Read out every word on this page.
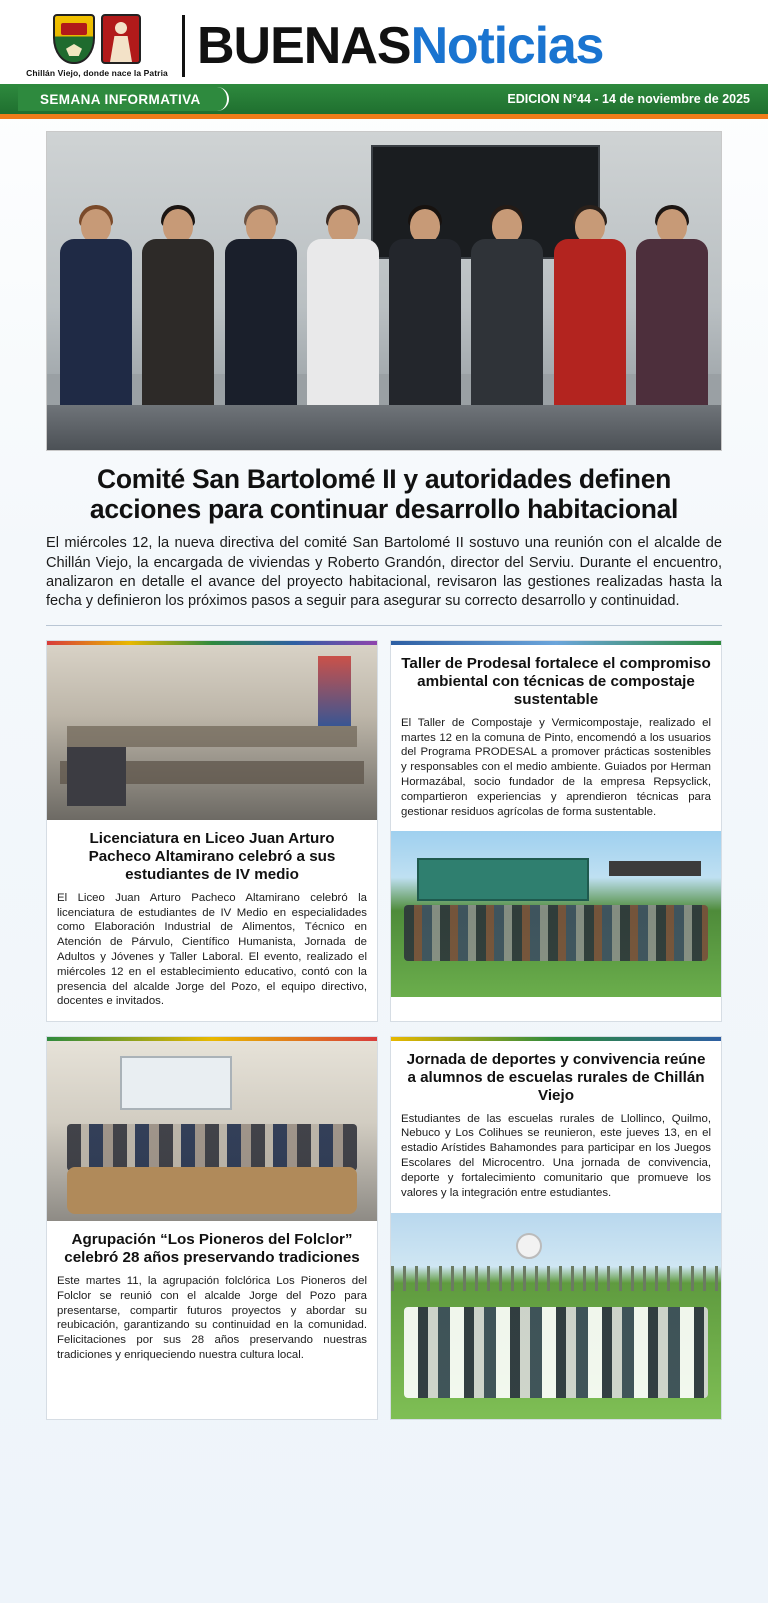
Chillán Viejo, donde nace la Patria BUENAS Noticias
SEMANA INFORMATIVA	EDICION N°44 - 14 de noviembre de 2025
Comité San Bartolomé II y autoridades definen acciones para continuar desarrollo habitacional
El miércoles 12, la nueva directiva del comité San Bartolomé II sostuvo una reunión con el alcalde de Chillán Viejo, la encargada de viviendas y Roberto Grandón, director del Serviu. Durante el encuentro, analizaron en detalle el avance del proyecto habitacional, revisaron las gestiones realizadas hasta la fecha y definieron los próximos pasos a seguir para asegurar su correcto desarrollo y continuidad.
Licenciatura en Liceo Juan Arturo Pacheco Altamirano celebró a sus estudiantes de IV medio
El Liceo Juan Arturo Pacheco Altamirano celebró la licenciatura de estudiantes de IV Medio en especialidades como Elaboración Industrial de Alimentos, Técnico en Atención de Párvulo, Científico Humanista, Jornada de Adultos y Jóvenes y Taller Laboral. El evento, realizado el miércoles 12 en el establecimiento educativo, contó con la presencia del alcalde Jorge del Pozo, el equipo directivo, docentes e invitados.
Taller de Prodesal fortalece el compromiso ambiental con técnicas de compostaje sustentable
El Taller de Compostaje y Vermicompostaje, realizado el martes 12 en la comuna de Pinto, encomendó a los usuarios del Programa PRODESAL a promover prácticas sostenibles y responsables con el medio ambiente. Guiados por Herman Hormazábal, socio fundador de la empresa Repsyclick, compartieron experiencias y aprendieron técnicas para gestionar residuos agrícolas de forma sustentable.
Agrupación “Los Pioneros del Folclor” celebró 28 años preservando tradiciones
Este martes 11, la agrupación folclórica Los Pioneros del Folclor se reunió con el alcalde Jorge del Pozo para presentarse, compartir futuros proyectos y abordar su reubicación, garantizando su continuidad en la comunidad. Felicitaciones por sus 28 años preservando nuestras tradiciones y enriqueciendo nuestra cultura local.
Jornada de deportes y convivencia reúne a alumnos de escuelas rurales de Chillán Viejo
Estudiantes de las escuelas rurales de Llollinco, Quilmo, Nebuco y Los Colihues se reunieron, este jueves 13, en el estadio Arístides Bahamondes para participar en los Juegos Escolares del Microcentro. Una jornada de convivencia, deporte y fortalecimiento comunitario que promueve los valores y la integración entre estudiantes.
